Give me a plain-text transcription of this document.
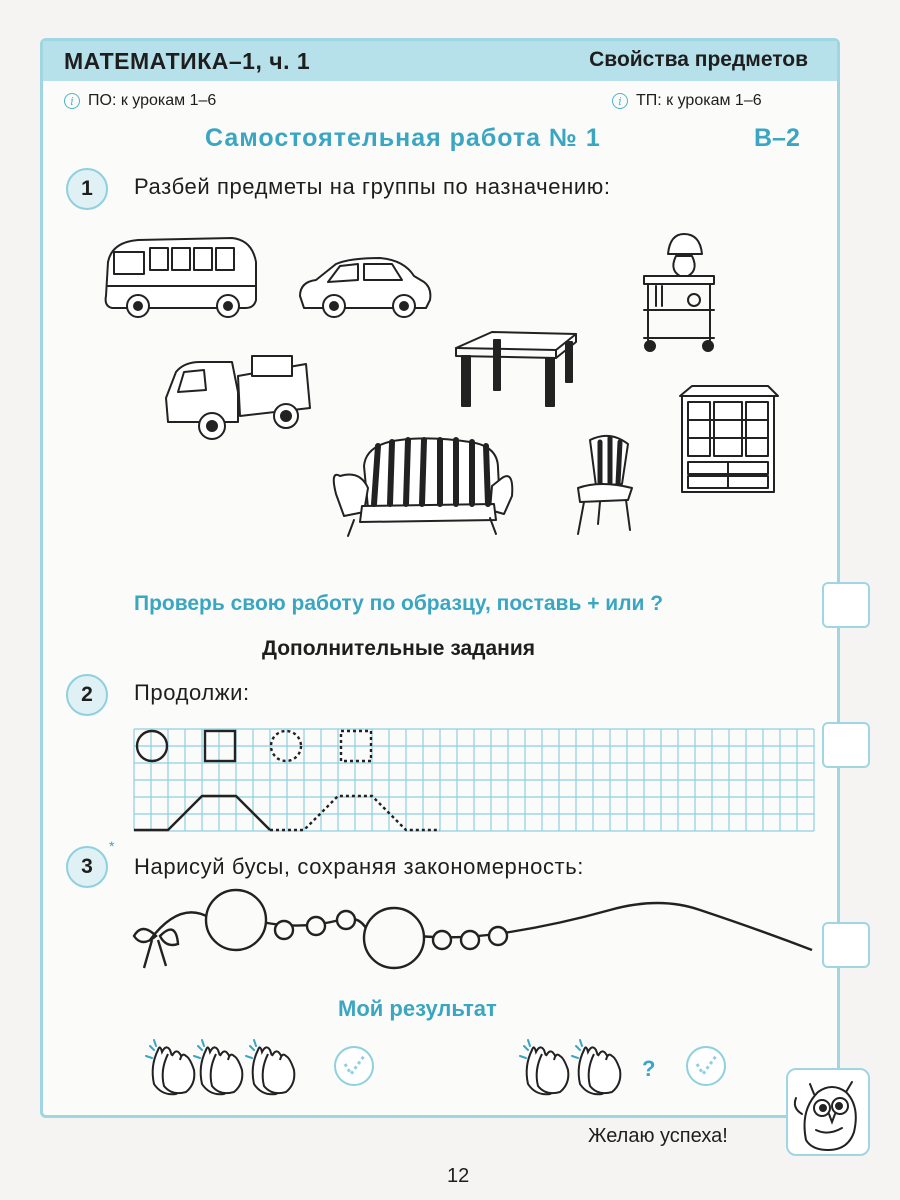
МАТЕМАТИКА–1, ч. 1	Свойства предметов
i ПО: к урокам 1–6	i ТП: к урокам 1–6
Самостоятельная работа № 1	В–2
1	Разбей предметы на группы по назначению:
Проверь свою работу по образцу, поставь + или ?
Дополнительные задания
2	Продолжи:
3
*
Нарисуй бусы, сохраняя закономерность:
Мой результат
?
Желаю успеха!
12
